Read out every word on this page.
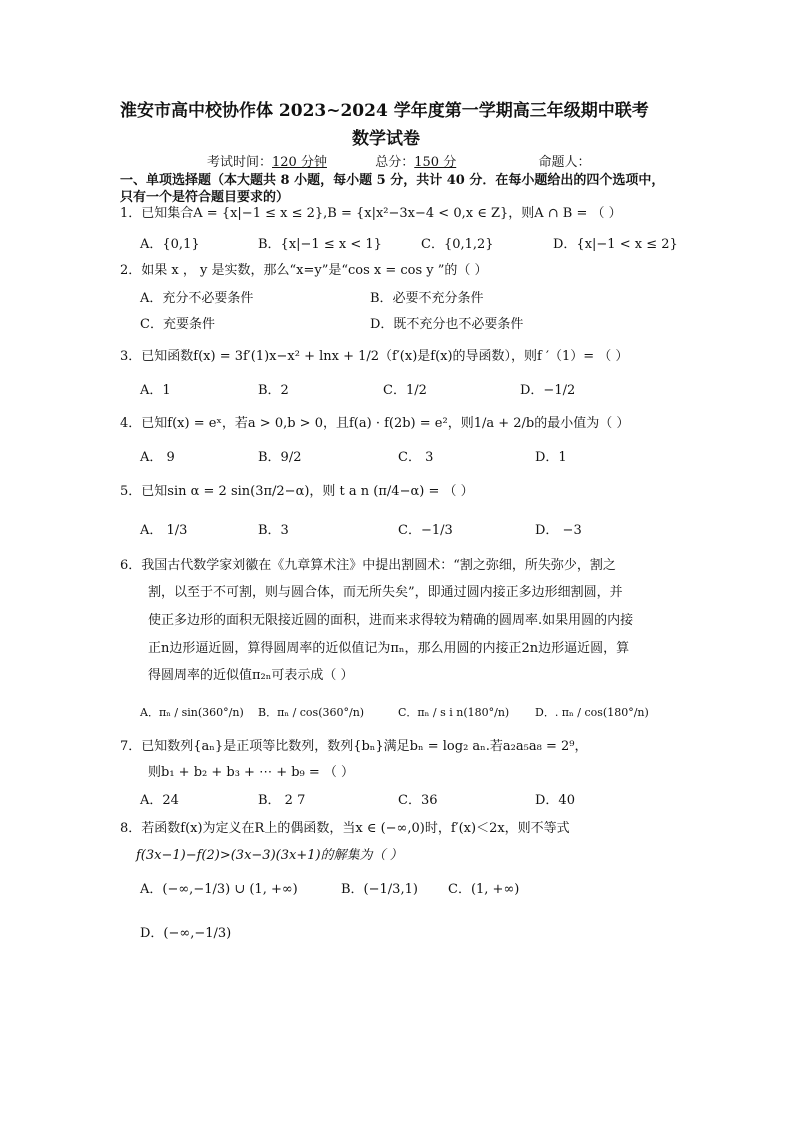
淮安市高中校协作体 2023~2024 学年度第一学期高三年级期中联考
数学试卷
考试时间：120 分钟	总分：150 分	命题人：
一、单项选择题（本大题共 8 小题，每小题 5 分，共计 40 分．在每小题给出的四个选项中，
只有一个是符合题目要求的）
1．已知集合A = {x|−1 ≤ x ≤ 2},B = {x|x²−3x−4 < 0,x ∈ Z}，则A ∩ B = （ ）
A．{0,1}	B．{x|−1 ≤ x < 1}	C．{0,1,2}	D．{x|−1 < x ≤ 2}
2．如果 x ， y 是实数，那么“x=y”是“cos x = cos y ”的（ ）
A．充分不必要条件	B．必要不充分条件
C．充要条件	D．既不充分也不必要条件
3．已知函数f(x) = 3f′(1)x−x² + lnx + 1/2（f′(x)是f(x)的导函数），则f ′（1）= （ ）
A．1	B．2	C．1/2	D．−1/2
4．已知f(x) = eˣ，若a > 0,b > 0，且f(a) · f(2b) = e²，则1/a + 2/b的最小值为（ ）
A． 9	B．9/2	C． 3	D．1
5．已知sin α = 2 sin(3π/2−α)，则 t a n (π/4−α) = （ ）
A． 1/3	B．3	C．−1/3	D． −3
6．我国古代数学家刘徽在《九章算术注》中提出割圆术：“割之弥细，所失弥少，割之
割，以至于不可割，则与圆合体，而无所失矣”，即通过圆内接正多边形细割圆，并
使正多边形的面积无限接近圆的面积，进而来求得较为精确的圆周率.如果用圆的内接
正n边形逼近圆，算得圆周率的近似值记为πₙ，那么用圆的内接正2n边形逼近圆，算
得圆周率的近似值π₂ₙ可表示成（ ）
A．πₙ / sin(360°/n) B．πₙ / cos(360°/n)	C．πₙ / s i n(180°/n) D．. πₙ / cos(180°/n)
7．已知数列{aₙ}是正项等比数列，数列{bₙ}满足bₙ = log₂ aₙ.若a₂a₅a₈ = 2⁹，
则b₁ + b₂ + b₃ + ⋯ + b₉ = （ ）
A．24	B． 2 7	C．36	D．40
8．若函数f(x)为定义在R上的偶函数，当x ∈ (−∞,0)时，f′(x)＜2x，则不等式
f(3x−1)−f(2)>(3x−3)(3x+1)的解集为（ ）
A．(−∞,−1/3) ∪ (1, +∞)	B．(−1/3,1) C．(1, +∞)
D．(−∞,−1/3)
